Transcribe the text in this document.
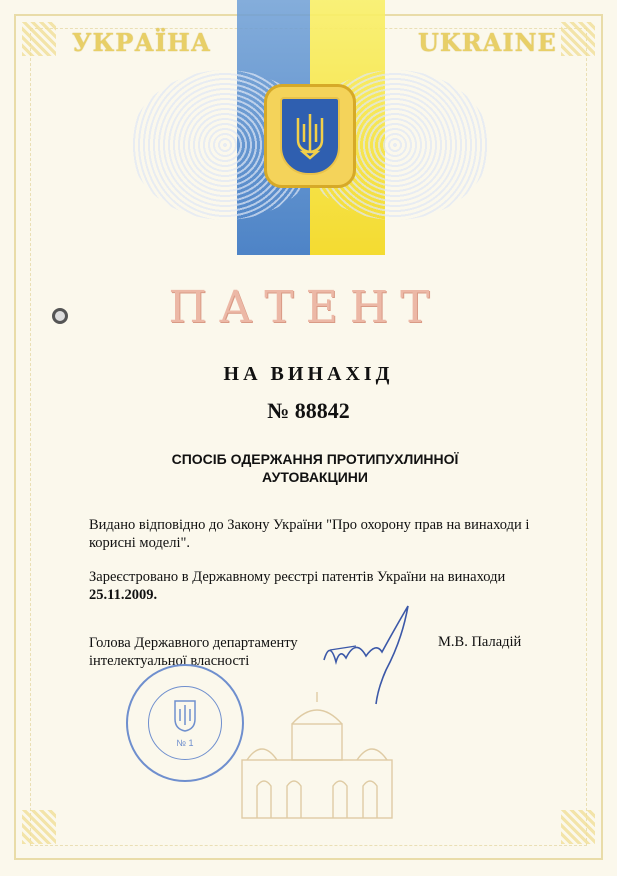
УКРАЇНА	UKRAINE
ПАТЕНТ
НА ВИНАХІД
№ 88842
СПОСІБ ОДЕРЖАННЯ ПРОТИПУХЛИННОЇ АУТОВАКЦИНИ
Видано відповідно до Закону України "Про охорону прав на винаходи і корисні моделі".
Зареєстровано в Державному реєстрі патентів України на винаходи
25.11.2009.
Голова Державного департаменту
інтелектуальної власності
М.В. Паладій
№ 1
